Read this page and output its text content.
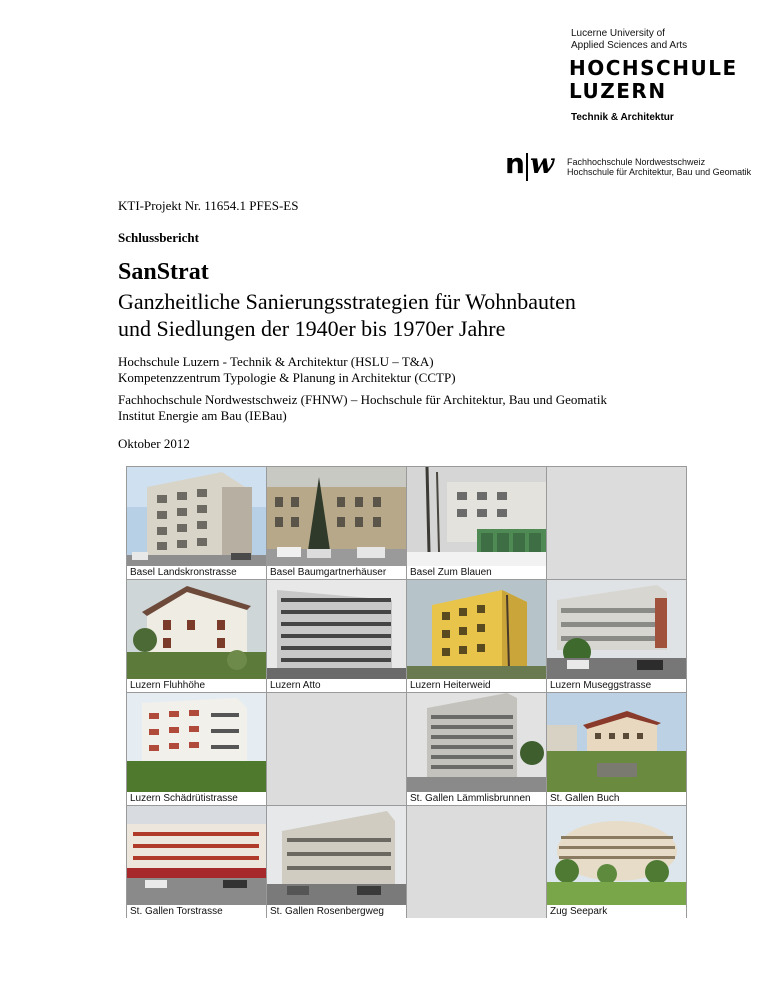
Lucerne University of
Applied Sciences and Arts
HOCHSCHULE
LUZERN
Technik & Architektur
n w Fachhochschule Nordwestschweiz
Hochschule für Architektur, Bau und Geomatik
KTI-Projekt Nr. 11654.1 PFES-ES
Schlussbericht
SanStrat
Ganzheitliche Sanierungsstrategien für Wohnbauten
und Siedlungen der 1940er bis 1970er Jahre
Hochschule Luzern - Technik & Architektur (HSLU – T&A)
Kompetenzzentrum Typologie & Planung in Architektur (CCTP)
Fachhochschule Nordwestschweiz (FHNW) – Hochschule für Architektur, Bau und Geomatik
Institut Energie am Bau (IEBau)
Oktober 2012
Basel Landskronstrasse	Basel Baumgartnerhäuser	Basel Zum Blauen
Luzern Fluhhöhe	Luzern Atto	Luzern Heiterweid	Luzern Museggstrasse
Luzern Schädrütistrasse	St. Gallen Lämmlisbrunnen	St. Gallen Buch
St. Gallen Torstrasse	St. Gallen Rosenbergweg	Zug Seepark
